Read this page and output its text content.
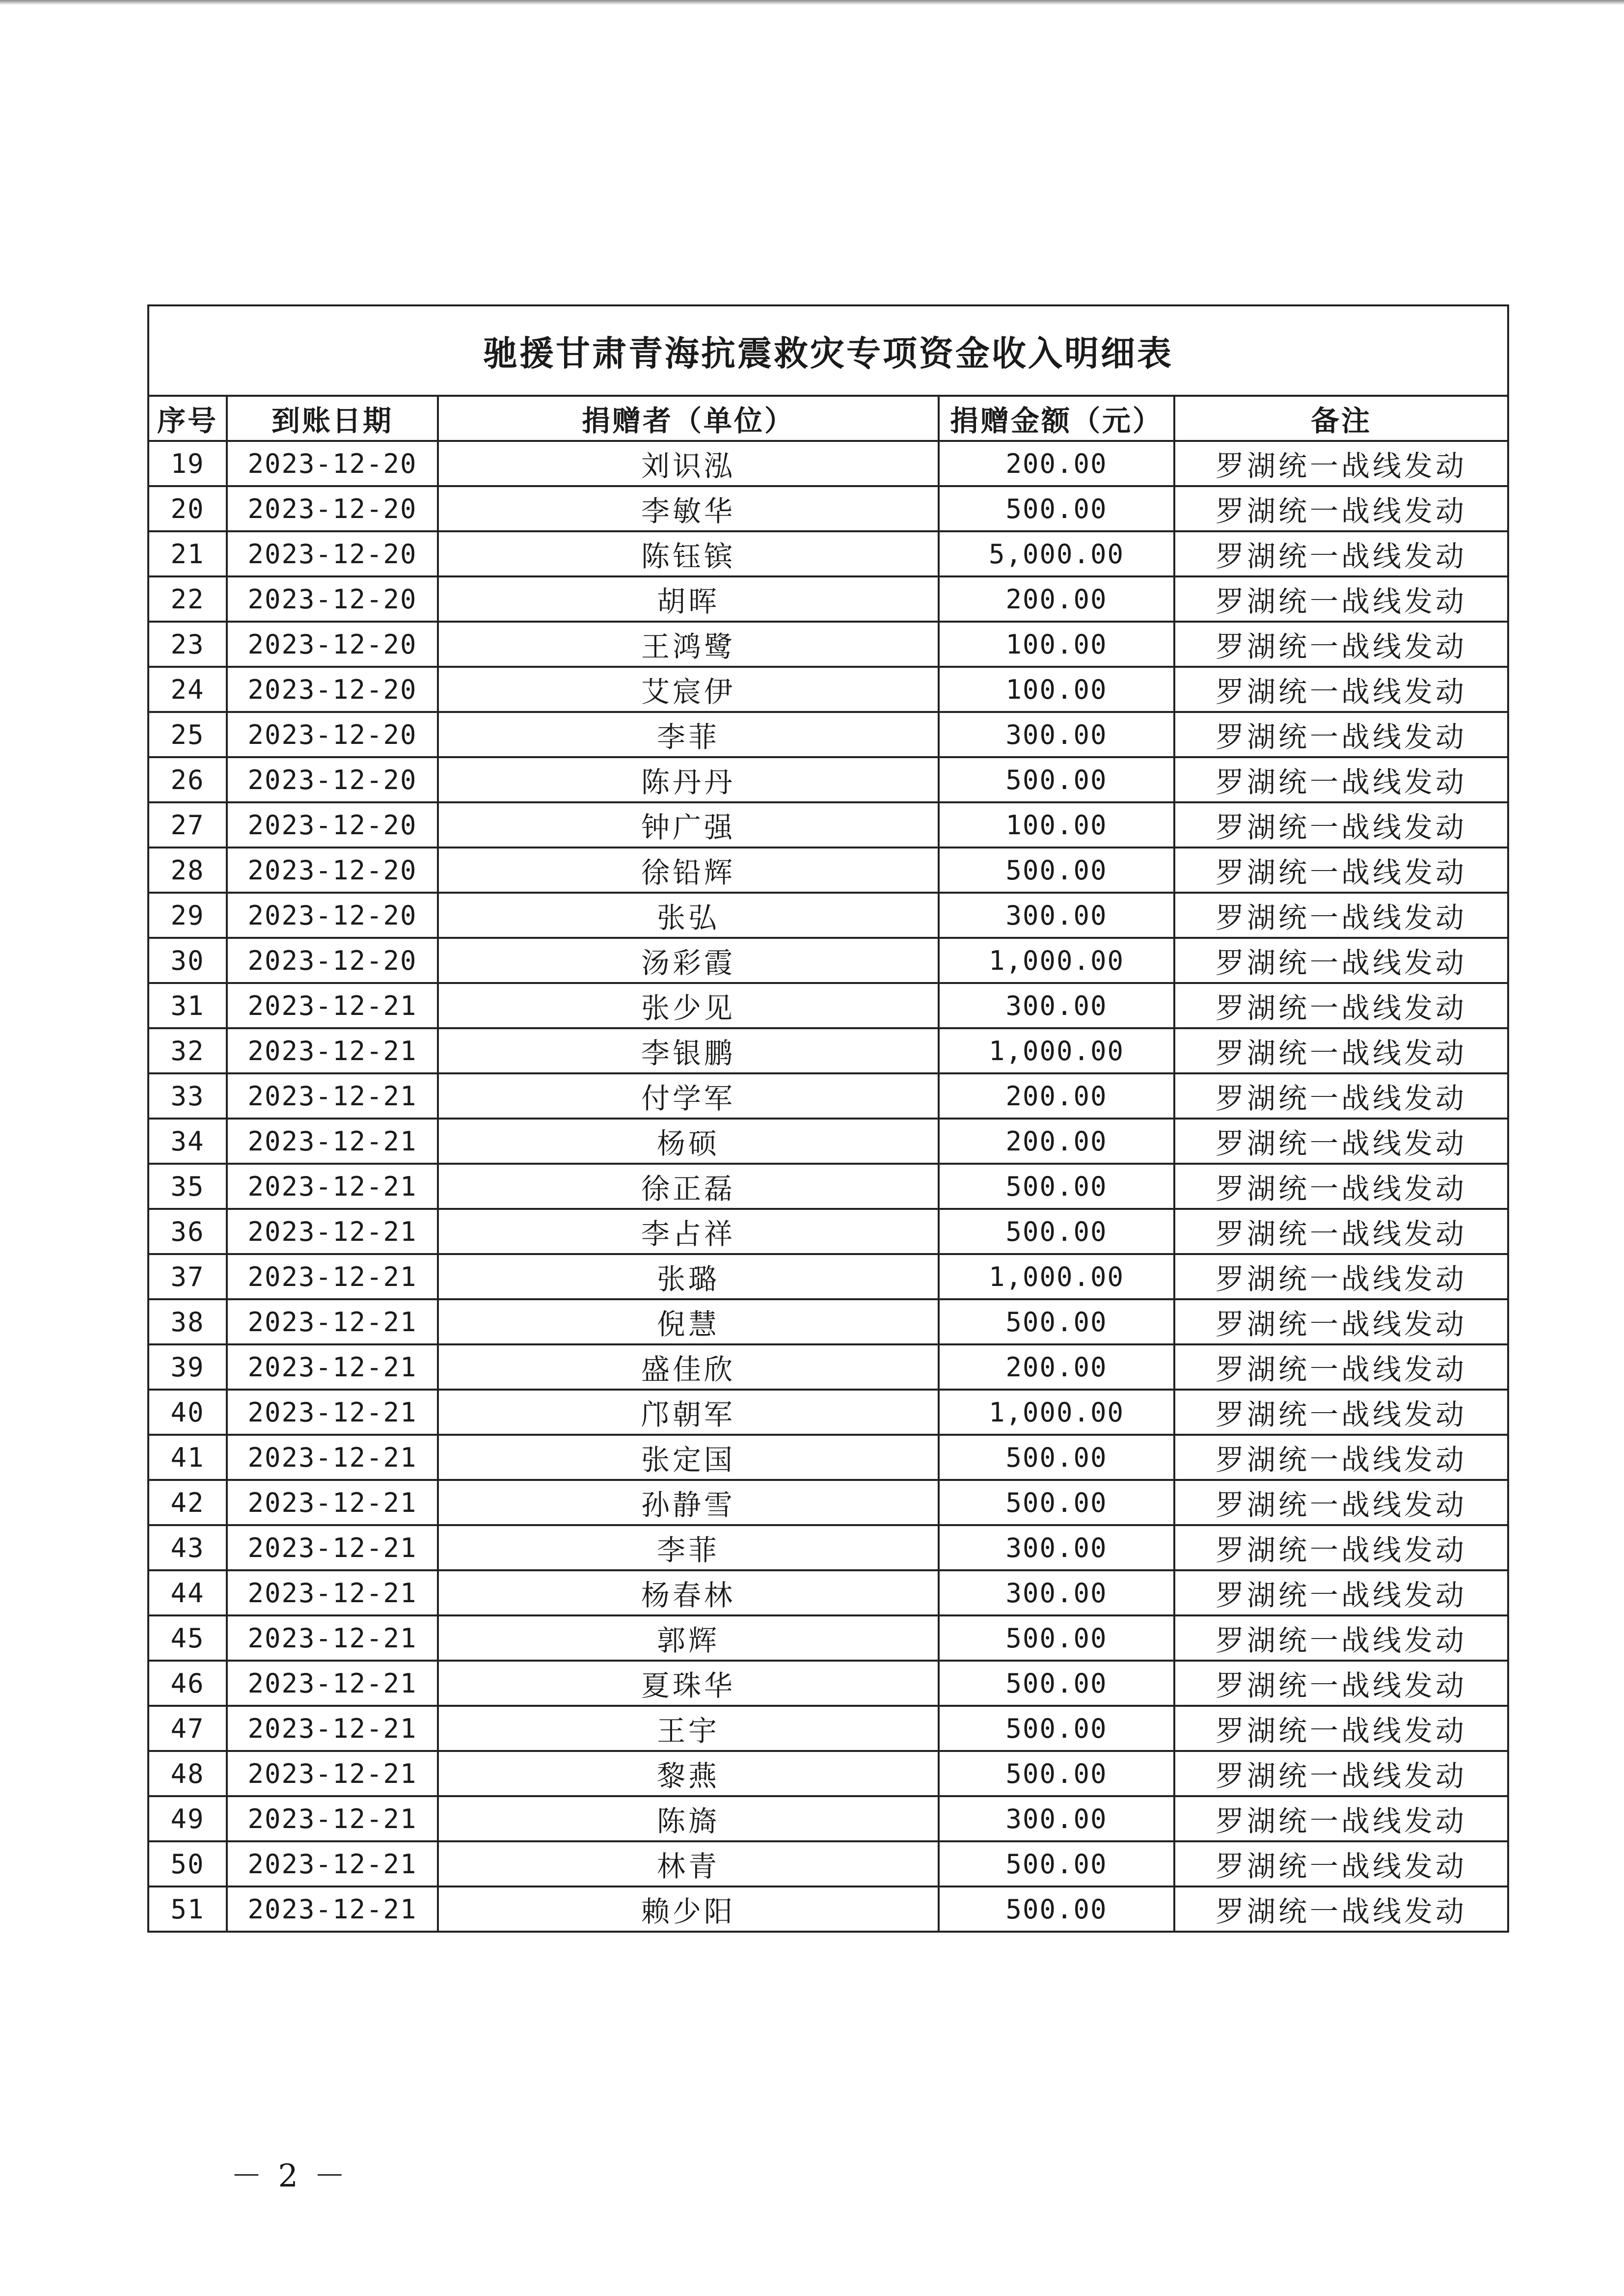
驰援甘肃青海抗震救灾专项资金收入明细表				
序号	到账日期	捐赠者（单位）	捐赠金额（元）	备注
19	2023-12-20	刘识泓	200.00	罗湖统一战线发动
20	2023-12-20	李敏华	500.00	罗湖统一战线发动
21	2023-12-20	陈钰镔	5,000.00	罗湖统一战线发动
22	2023-12-20	胡晖	200.00	罗湖统一战线发动
23	2023-12-20	王鸿鹭	100.00	罗湖统一战线发动
24	2023-12-20	艾宸伊	100.00	罗湖统一战线发动
25	2023-12-20	李菲	300.00	罗湖统一战线发动
26	2023-12-20	陈丹丹	500.00	罗湖统一战线发动
27	2023-12-20	钟广强	100.00	罗湖统一战线发动
28	2023-12-20	徐铅辉	500.00	罗湖统一战线发动
29	2023-12-20	张弘	300.00	罗湖统一战线发动
30	2023-12-20	汤彩霞	1,000.00	罗湖统一战线发动
31	2023-12-21	张少见	300.00	罗湖统一战线发动
32	2023-12-21	李银鹏	1,000.00	罗湖统一战线发动
33	2023-12-21	付学军	200.00	罗湖统一战线发动
34	2023-12-21	杨硕	200.00	罗湖统一战线发动
35	2023-12-21	徐正磊	500.00	罗湖统一战线发动
36	2023-12-21	李占祥	500.00	罗湖统一战线发动
37	2023-12-21	张璐	1,000.00	罗湖统一战线发动
38	2023-12-21	倪慧	500.00	罗湖统一战线发动
39	2023-12-21	盛佳欣	200.00	罗湖统一战线发动
40	2023-12-21	邝朝军	1,000.00	罗湖统一战线发动
41	2023-12-21	张定国	500.00	罗湖统一战线发动
42	2023-12-21	孙静雪	500.00	罗湖统一战线发动
43	2023-12-21	李菲	300.00	罗湖统一战线发动
44	2023-12-21	杨春林	300.00	罗湖统一战线发动
45	2023-12-21	郭辉	500.00	罗湖统一战线发动
46	2023-12-21	夏珠华	500.00	罗湖统一战线发动
47	2023-12-21	王宇	500.00	罗湖统一战线发动
48	2023-12-21	黎燕	500.00	罗湖统一战线发动
49	2023-12-21	陈旖	300.00	罗湖统一战线发动
50	2023-12-21	林青	500.00	罗湖统一战线发动
51	2023-12-21	赖少阳	500.00	罗湖统一战线发动
－ 2 －
